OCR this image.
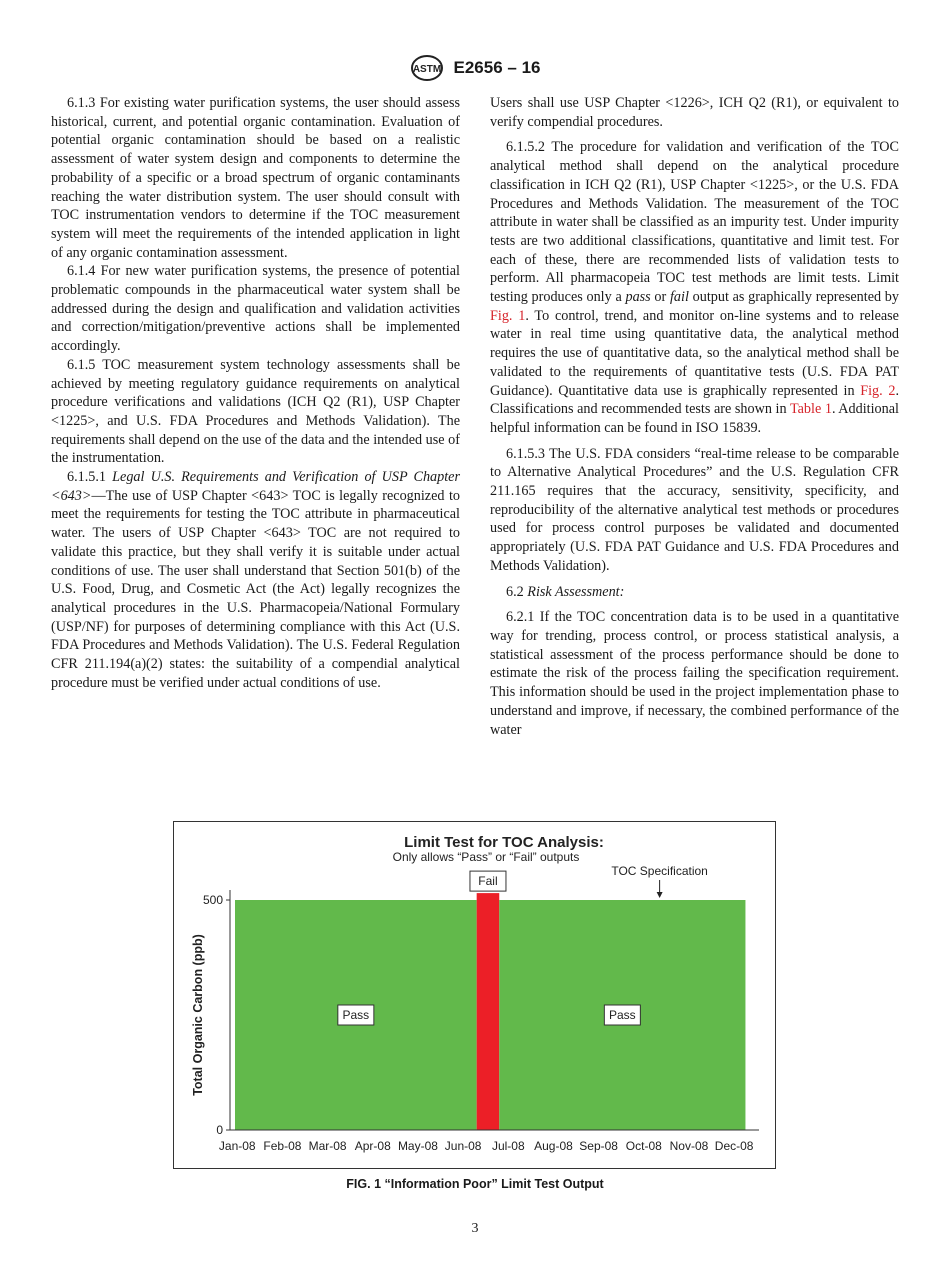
ASTM E2656 – 16

6.1.3 For existing water purification systems, the user should assess historical, current, and potential organic contamination. Evaluation of potential organic contamination should be based on a realistic assessment of water system design and components to determine the probability of a specific or a broad spectrum of organic contaminants reaching the water distribution system. The user should consult with TOC instrumentation vendors to determine if the TOC measurement system will meet the requirements of the intended application in light of any organic contamination assessment.

6.1.4 For new water purification systems, the presence of potential problematic compounds in the pharmaceutical water system shall be addressed during the design and qualification and validation activities and correction/mitigation/preventive actions shall be implemented accordingly.

6.1.5 TOC measurement system technology assessments shall be achieved by meeting regulatory guidance requirements on analytical procedure verifications and validations (ICH Q2 (R1), USP Chapter <1225>, and U.S. FDA Procedures and Methods Validation). The requirements shall depend on the use of the data and the intended use of the instrumentation.

6.1.5.1 Legal U.S. Requirements and Verification of USP Chapter <643>—The use of USP Chapter <643> TOC is legally recognized to meet the requirements for testing the TOC attribute in pharmaceutical water. The users of USP Chapter <643> TOC are not required to validate this practice, but they shall verify it is suitable under actual conditions of use. The user shall understand that Section 501(b) of the U.S. Food, Drug, and Cosmetic Act (the Act) legally recognizes the analytical procedures in the U.S. Pharmacopeia/National Formulary (USP/NF) for purposes of determining compliance with this Act (U.S. FDA Procedures and Methods Validation). The U.S. Federal Regulation CFR 211.194(a)(2) states: the suitability of a compendial analytical procedure must be verified under actual conditions of use.

Users shall use USP Chapter <1226>, ICH Q2 (R1), or equivalent to verify compendial procedures.

6.1.5.2 The procedure for validation and verification of the TOC analytical method shall depend on the analytical procedure classification in ICH Q2 (R1), USP Chapter <1225>, or the U.S. FDA Procedures and Methods Validation. The measurement of the TOC attribute in water shall be classified as an impurity test. Under impurity tests are two additional classifications, quantitative and limit test. For each of these, there are recommended lists of validation tests to perform. All pharmacopeia TOC test methods are limit tests. Limit testing produces only a pass or fail output as graphically represented by Fig. 1. To control, trend, and monitor on-line systems and to release water in real time using quantitative data, the analytical method requires the use of quantitative data, so the analytical method shall be validated to the requirements of quantitative tests (U.S. FDA PAT Guidance). Quantitative data use is graphically represented in Fig. 2. Classifications and recommended tests are shown in Table 1. Additional helpful information can be found in ISO 15839.

6.1.5.3 The U.S. FDA considers “real-time release to be comparable to Alternative Analytical Procedures” and the U.S. Regulation CFR 211.165 requires that the accuracy, sensitivity, specificity, and reproducibility of the alternative analytical test methods or procedures used for process control purposes be validated and documented appropriately (U.S. FDA PAT Guidance and U.S. FDA Procedures and Methods Validation).

6.2 Risk Assessment:

6.2.1 If the TOC concentration data is to be used in a quantitative way for trending, process control, or process statistical analysis, a statistical assessment of the process performance should be done to estimate the risk of the process failing the specification requirement. This information should be used in the project implementation phase to understand and improve, if necessary, the combined performance of the water

Limit Test for TOC Analysis:
Only allows “Pass” or “Fail” outputs
Pass
Fail
Pass
0
500
Total Organic Carbon (ppb)
Jan-08 Feb-08 Mar-08 Apr-08 May-08 Jun-08 Jul-08 Aug-08 Sep-08 Oct-08 Nov-08 Dec-08
TOC Specification
FIG. 1 “Information Poor” Limit Test Output
3
